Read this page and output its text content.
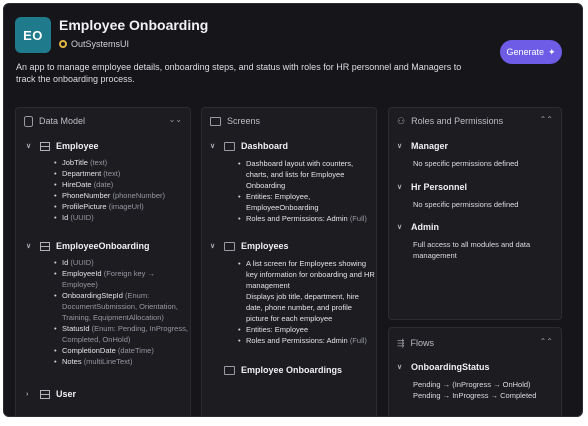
EO
Employee Onboarding
OutSystemsUI
Generate ✦
An app to manage employee details, onboarding steps, and status with roles for HR personnel and Managers to track the onboarding process.
Data Model	⌄⌄
∨	Employee
• JobTitle (text)
• Department (text)
• HireDate (date)
• PhoneNumber (phoneNumber)
• ProfilePicture (imageUrl)
• Id (UUID)
∨	EmployeeOnboarding
• Id (UUID)
• EmployeeId (Foreign key → Employee)
• OnboardingStepId (Enum: DocumentSubmission, Orientation, Training, EquipmentAllocation)
• StatusId (Enum: Pending, InProgress, Completed, OnHold)
• CompletionDate (dateTime)
• Notes (multiLineText)
›	User
Screens
∨	Dashboard
• Dashboard layout with counters, charts, and lists for Employee Onboarding
• Entities: Employee, EmployeeOnboarding
• Roles and Permissions: Admin (Full)
∨	Employees
• A list screen for Employees showing key information for onboarding and HR management
Displays job title, department, hire date, phone number, and profile picture for each employee
• Entities: Employee
• Roles and Permissions: Admin (Full)
Employee Onboardings
⚇ Roles and Permissions	⌃⌃
∨ Manager
No specific permissions defined
∨ Hr Personnel
No specific permissions defined
∨ Admin
Full access to all modules and data management
⇶ Flows	⌃⌃
∨ OnboardingStatus
Pending → (InProgress → OnHold)
Pending → InProgress → Completed
